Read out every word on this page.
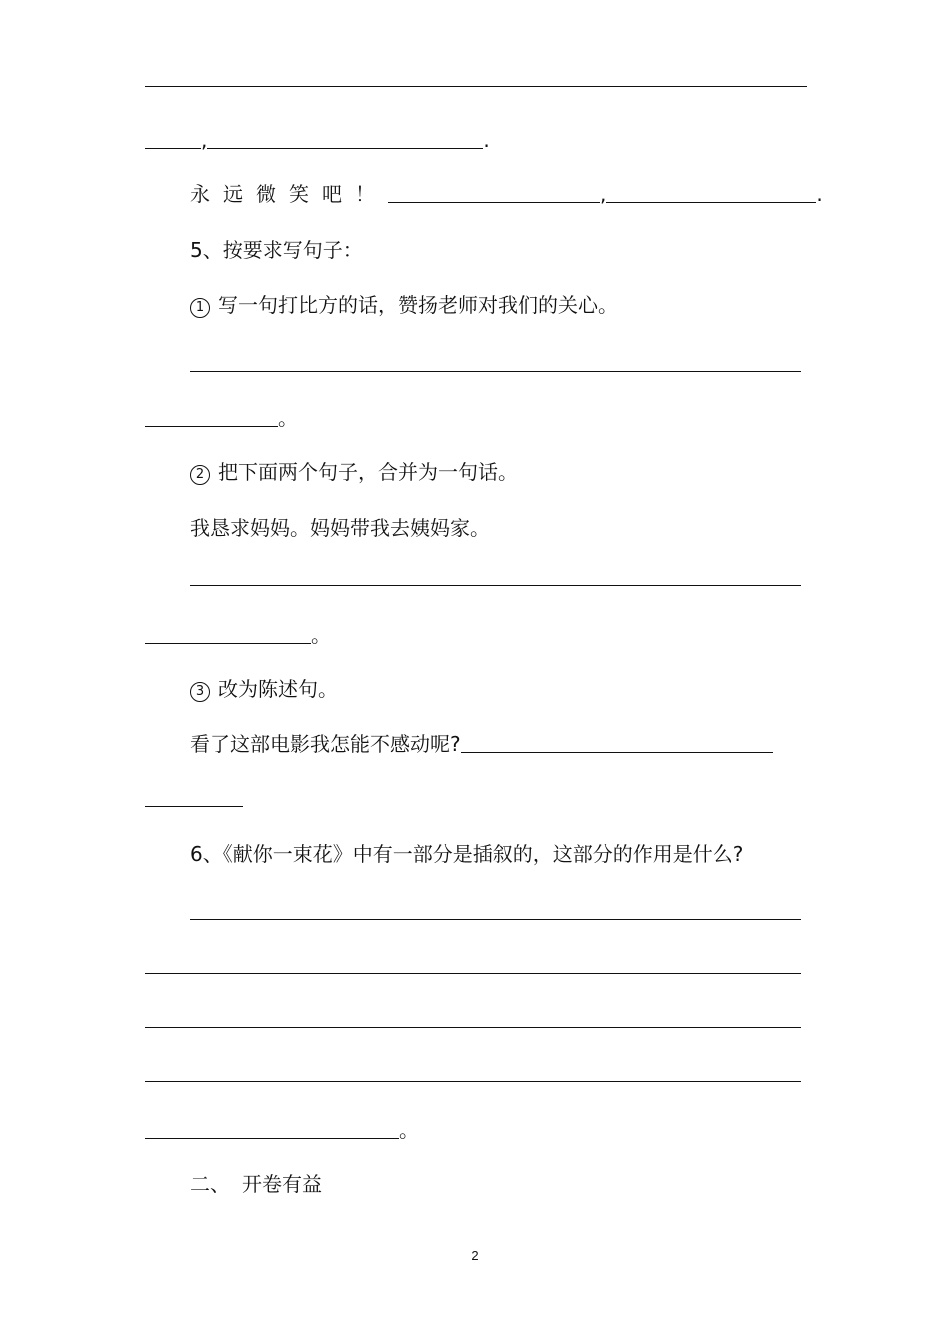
,	.
永远微笑吧！	,	.
5、按要求写句子：
1 写一句打比方的话，赞扬老师对我们的关心。
。
2 把下面两个句子，合并为一句话。
我恳求妈妈。妈妈带我去姨妈家。
。
3 改为陈述句。
看了这部电影我怎能不感动呢?
6、《献你一束花》中有一部分是插叙的，这部分的作用是什么?
。
二、 开卷有益
2
